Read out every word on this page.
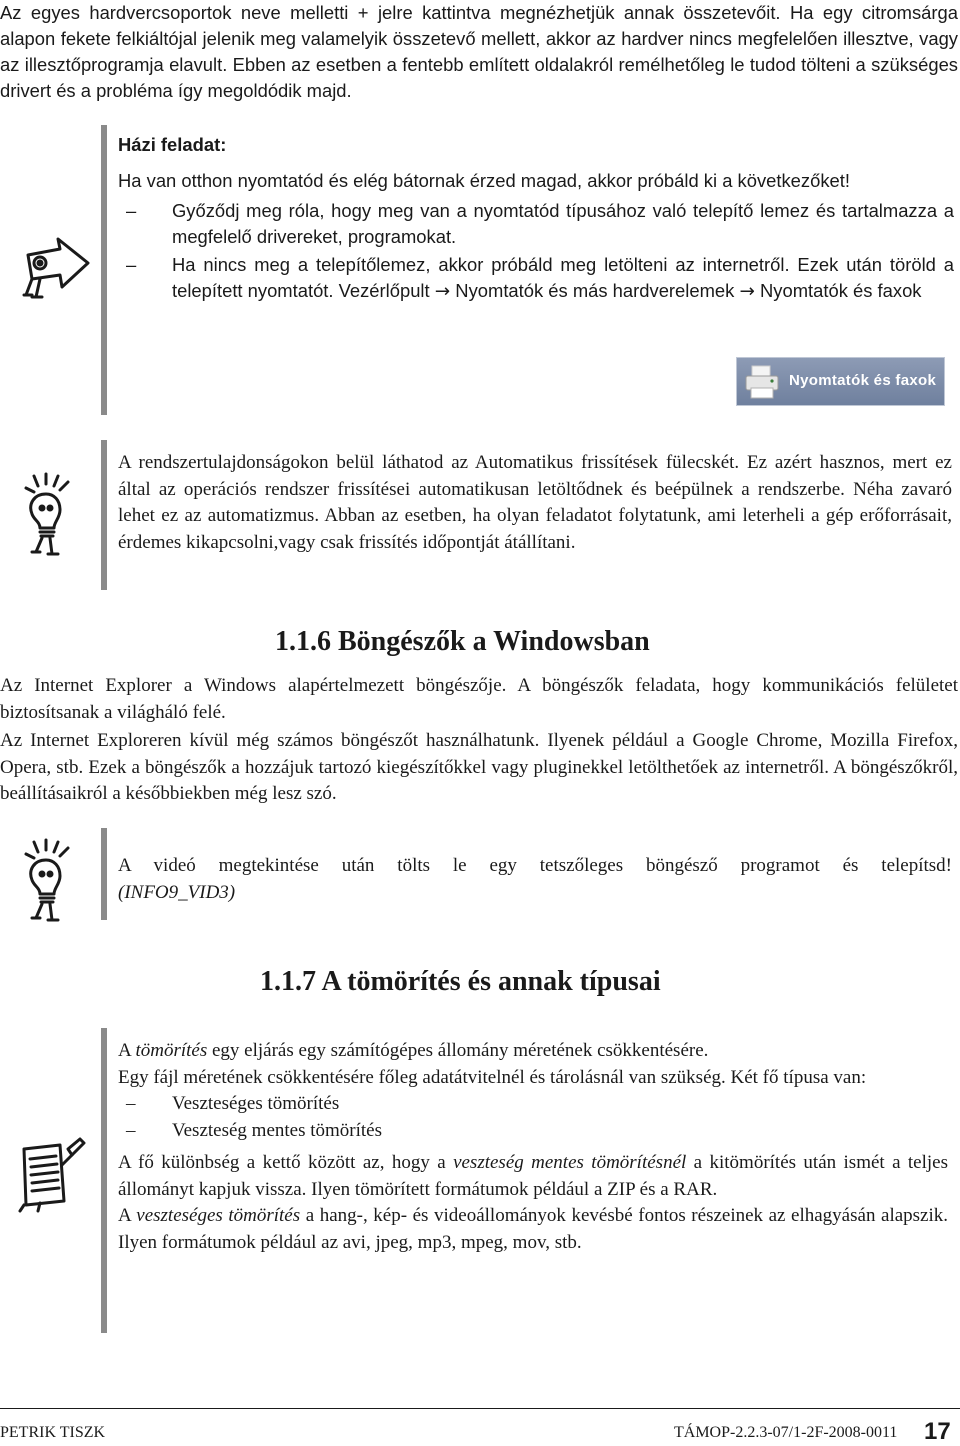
Az egyes hardvercsoportok neve melletti + jelre kattintva megnézhetjük annak összetevőit. Ha egy citromsárga alapon fekete felkiáltójal jelenik meg valamelyik összetevő mellett, akkor az hardver nincs megfelelően illesztve, vagy az illesztőprogramja elavult. Ebben az esetben a fentebb említett oldalakról remélhetőleg le tudod tölteni a szükséges drivert és a probléma így megoldódik majd.

Házi feladat:

Ha van otthon nyomtatód és elég bátornak érzed magad, akkor próbáld ki a következőket!

– Győződj meg róla, hogy meg van a nyomtatód típusához való telepítő lemez és tartalmazza a megfelelő drivereket, programokat.
– Ha nincs meg a telepítőlemez, akkor próbáld meg letölteni az internetről. Ezek után töröld a telepített nyomtatót. Vezérlőpult → Nyomtatók és más hardverelemek → Nyomtatók és faxok
Nyomtatók és faxok

A rendszertulajdonságokon belül láthatod az Automatikus frissítések fülecskét. Ez azért hasznos, mert ez által az operációs rendszer frissítései automatikusan letöltődnek és beépülnek a rendszerbe. Néha zavaró lehet ez az automatizmus. Abban az esetben, ha olyan feladatot folytatunk, ami leterheli a gép erőforrásait, érdemes kikapcsolni,vagy csak frissítés időpontját átállítani.

1.1.6 Böngészők a Windowsban

Az Internet Explorer a Windows alapértelmezett böngészője. A böngészők feladata, hogy kommunikációs felületet biztosítsanak a világháló felé.

Az Internet Exploreren kívül még számos böngészőt használhatunk. Ilyenek például a Google Chrome, Mozilla Firefox, Opera, stb. Ezek a böngészők a hozzájuk tartozó kiegészítőkkel vagy pluginekkel letölthetőek az internetről. A böngészőkről, beállításaikról a későbbiekben még lesz szó.

A videó megtekintése után tölts le egy tetszőleges böngésző programot és telepítsd!

(INFO9_VID3)

1.1.7 A tömörítés és annak típusai

A tömörítés egy eljárás egy számítógépes állomány méretének csökkentésére.

Egy fájl méretének csökkentésére főleg adatátvitelnél és tárolásnál van szükség. Két fő típusa van:

– Veszteséges tömörítés
– Veszteség mentes tömörítés

A fő különbség a kettő között az, hogy a veszteség mentes tömörítésnél a kitömörítés után ismét a teljes állományt kapjuk vissza. Ilyen tömörített formátumok például a ZIP és a RAR.

A veszteséges tömörítés a hang-, kép- és videoállományok kevésbé fontos részeinek az elhagyásán alapszik. Ilyen formátumok például az avi, jpeg, mp3, mpeg, mov, stb.

PETRIK TISZK	TÁMOP-2.2.3-07/1-2F-2008-0011 17
